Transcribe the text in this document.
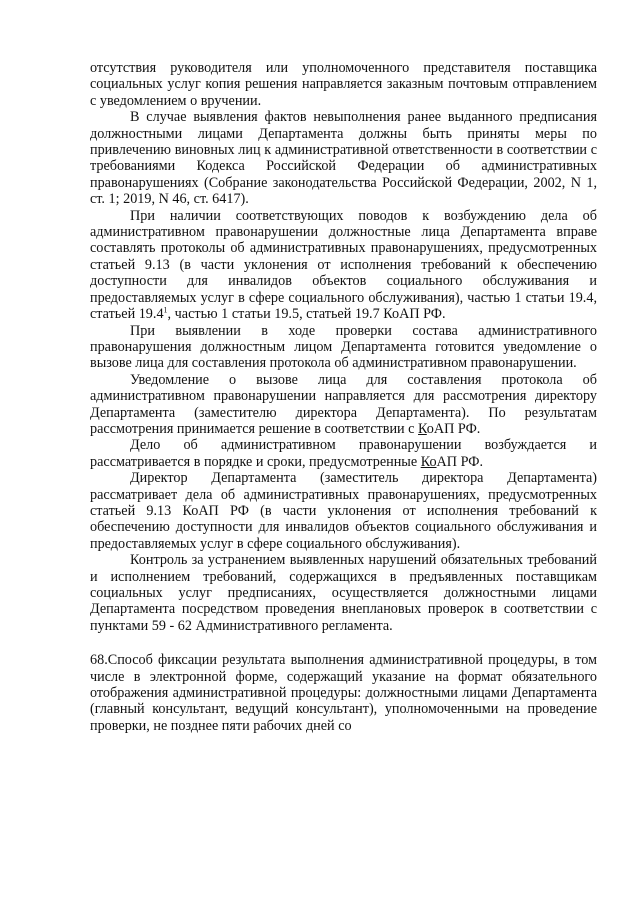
отсутствия руководителя или уполномоченного представителя поставщика социальных услуг копия решения направляется заказным почтовым отправлением с уведомлением о вручении.

В случае выявления фактов невыполнения ранее выданного предписания должностными лицами Департамента должны быть приняты меры по привлечению виновных лиц к административной ответственности в соответствии с требованиями Кодекса Российской Федерации об административных правонарушениях (Собрание законодательства Российской Федерации, 2002, N 1, ст. 1; 2019, N 46, ст. 6417).

При наличии соответствующих поводов к возбуждению дела об административном правонарушении должностные лица Департамента вправе составлять протоколы об административных правонарушениях, предусмотренных статьей 9.13 (в части уклонения от исполнения требований к обеспечению доступности для инвалидов объектов социального обслуживания и предоставляемых услуг в сфере социального обслуживания), частью 1 статьи 19.4, статьей 19.4$^1$, частью 1 статьи 19.5, статьей 19.7 КоАП РФ.

При выявлении в ходе проверки состава административного правонарушения должностным лицом Департамента готовится уведомление о вызове лица для составления протокола об административном правонарушении.

Уведомление о вызове лица для составления протокола об административном правонарушении направляется для рассмотрения директору Департамента (заместителю директора Департамента). По результатам рассмотрения принимается решение в соответствии с КоАП РФ.

Дело об административном правонарушении возбуждается и рассматривается в порядке и сроки, предусмотренные КоАП РФ.

Директор Департамента (заместитель директора Департамента) рассматривает дела об административных правонарушениях, предусмотренных статьей 9.13 КоАП РФ (в части уклонения от исполнения требований к обеспечению доступности для инвалидов объектов социального обслуживания и предоставляемых услуг в сфере социального обслуживания).

Контроль за устранением выявленных нарушений обязательных требований и исполнением требований, содержащихся в предъявленных поставщикам социальных услуг предписаниях, осуществляется должностными лицами Департамента посредством проведения внеплановых проверок в соответствии с пунктами 59 - 62 Административного регламента.

68.Способ фиксации результата выполнения административной процедуры, в том числе в электронной форме, содержащий указание на формат обязательного отображения административной процедуры: должностными лицами Департамента (главный консультант, ведущий консультант), уполномоченными на проведение проверки, не позднее пяти рабочих дней со
